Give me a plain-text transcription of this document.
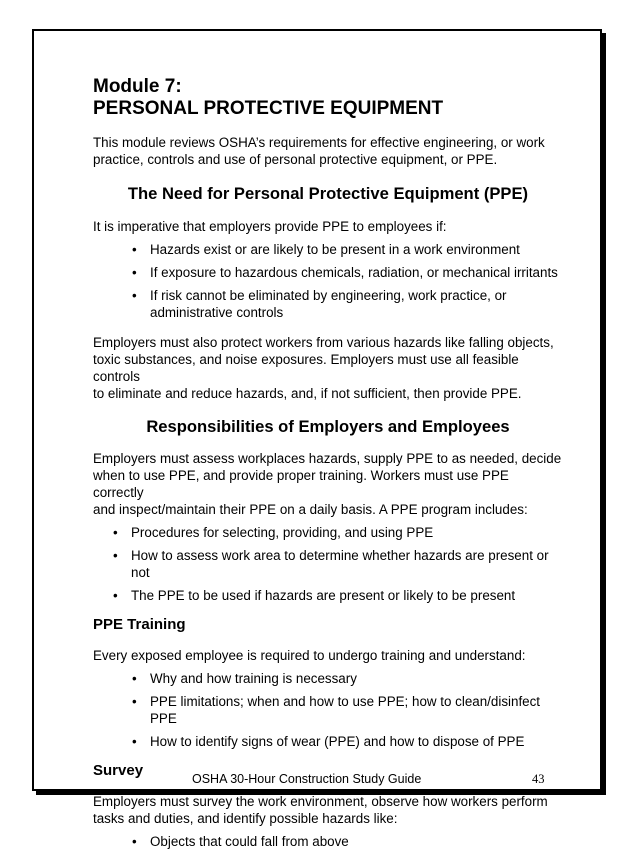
Module 7:
PERSONAL PROTECTIVE EQUIPMENT
This module reviews OSHA’s requirements for effective engineering, or work
practice, controls and use of personal protective equipment, or PPE.
The Need for Personal Protective Equipment (PPE)
It is imperative that employers provide PPE to employees if:
• Hazards exist or are likely to be present in a work environment
• If exposure to hazardous chemicals, radiation, or mechanical irritants
• If risk cannot be eliminated by engineering, work practice, or
administrative controls
Employers must also protect workers from various hazards like falling objects,
toxic substances, and noise exposures. Employers must use all feasible controls
to eliminate and reduce hazards, and, if not sufficient, then provide PPE.
Responsibilities of Employers and Employees
Employers must assess workplaces hazards, supply PPE to as needed, decide
when to use PPE, and provide proper training. Workers must use PPE correctly
and inspect/maintain their PPE on a daily basis. A PPE program includes:
• Procedures for selecting, providing, and using PPE
• How to assess work area to determine whether hazards are present or not
• The PPE to be used if hazards are present or likely to be present
PPE Training
Every exposed employee is required to undergo training and understand:
• Why and how training is necessary
• PPE limitations; when and how to use PPE; how to clean/disinfect PPE
• How to identify signs of wear (PPE) and how to dispose of PPE
Survey
Employers must survey the work environment, observe how workers perform
tasks and duties, and identify possible hazards like:
• Objects that could fall from above
OSHA 30-Hour Construction Study Guide	43
